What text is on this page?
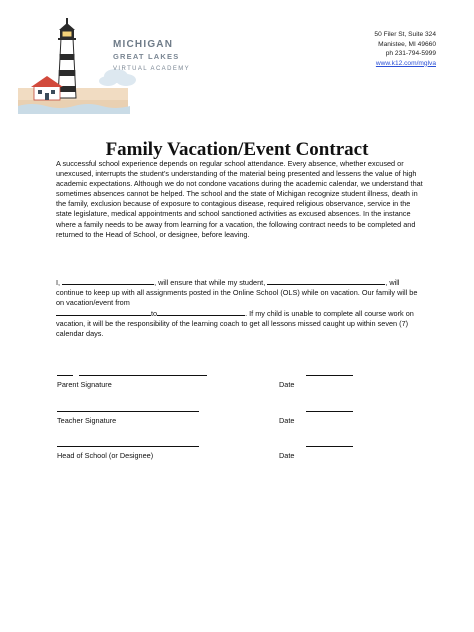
MICHIGAN
GREAT LAKES
VIRTUAL ACADEMY
50 Filer St, Suite 324
Manistee, MI 49660
ph 231-794-5999
www.k12.com/mglva
Family Vacation/Event Contract
A successful school experience depends on regular school attendance. Every absence, whether excused or unexcused, interrupts the student’s understanding of the material being presented and lessens the value of high academic expectations. Although we do not condone vacations during the academic calendar, we understand that sometimes absences cannot be helped. The school and the state of Michigan recognize student illness, death in the family, exclusion because of exposure to contagious disease, required religious observance, service in the state legislature, medical appointments and school sanctioned activities as excused absences. In the instance where a family needs to be away from learning for a vacation, the following contract needs to be completed and returned to the Head of School, or designee, before leaving.
I,	, will ensure that while my student,	, will continue to keep up with all assignments posted in the Online School (OLS) while on vacation. Our family will be on vacation/event from
to	. If my child is unable to complete all course work on vacation, it will be the responsibility of the learning coach to get all lessons missed caught up within seven (7) calendar days.
Parent Signature	Date
Teacher Signature	Date
Head of School (or Designee)	Date
